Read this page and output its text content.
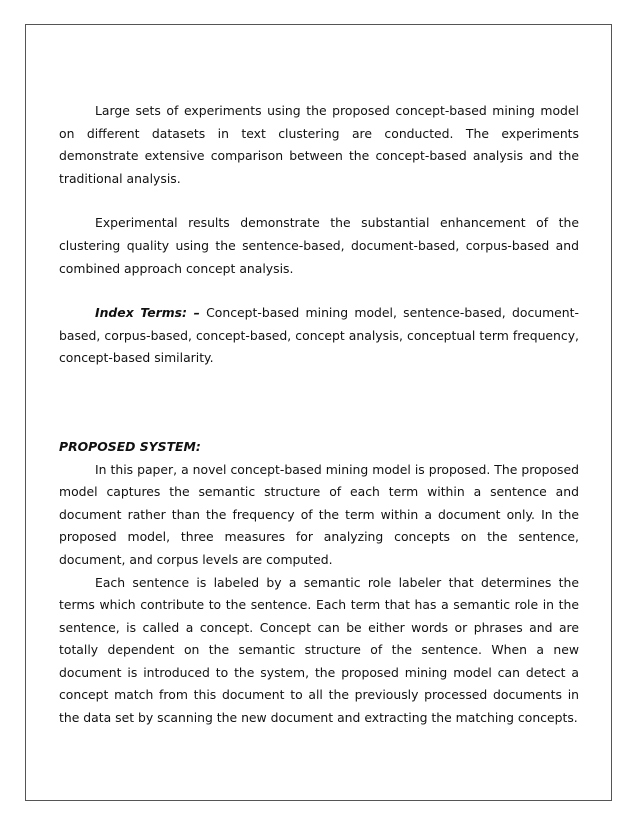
Large sets of experiments using the proposed concept-based mining model on different datasets in text clustering are conducted. The experiments demonstrate extensive comparison between the concept-based analysis and the traditional analysis.

Experimental results demonstrate the substantial enhancement of the clustering quality using the sentence-based, document-based, corpus-based and combined approach concept analysis.

Index Terms: – Concept-based mining model, sentence-based, document-based, corpus-based, concept-based, concept analysis, conceptual term frequency, concept-based similarity.

PROPOSED SYSTEM:

In this paper, a novel concept-based mining model is proposed. The proposed model captures the semantic structure of each term within a sentence and document rather than the frequency of the term within a document only. In the proposed model, three measures for analyzing concepts on the sentence, document, and corpus levels are computed.

Each sentence is labeled by a semantic role labeler that determines the terms which contribute to the sentence. Each term that has a semantic role in the sentence, is called a concept. Concept can be either words or phrases and are totally dependent on the semantic structure of the sentence. When a new document is introduced to the system, the proposed mining model can detect a concept match from this document to all the previously processed documents in the data set by scanning the new document and extracting the matching concepts.
